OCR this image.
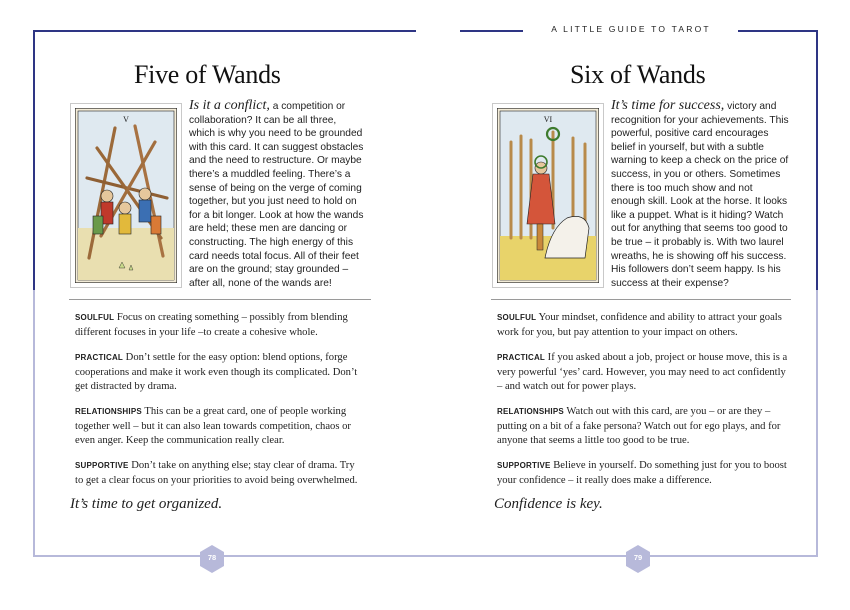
A LITTLE GUIDE TO TAROT
Five of Wands
V
Is it a conflict, a competition or collaboration? It can be all three, which is why you need to be grounded with this card. It can suggest obstacles and the need to restructure. Or maybe there’s a muddled feeling. There’s a sense of being on the verge of coming together, but you just need to hold on for a bit longer. Look at how the wands are held; these men are dancing or constructing. The high energy of this card needs total focus. All of their feet are on the ground; stay grounded – after all, none of the wands are!
SOULFUL Focus on creating something – possibly from blending different focuses in your life –to create a cohesive whole.
PRACTICAL Don’t settle for the easy option: blend options, forge cooperations and make it work even though its complicated. Don’t get distracted by drama.
RELATIONSHIPS This can be a great card, one of people working together well – but it can also lean towards competition, chaos or even anger. Keep the communication really clear.
SUPPORTIVE Don’t take on anything else; stay clear of drama. Try to get a clear focus on your priorities to avoid being overwhelmed.
It’s time to get organized.
78
Six of Wands
VI
It’s time for success, victory and recognition for your achievements. This powerful, positive card encourages belief in yourself, but with a subtle warning to keep a check on the price of success, in you or others. Sometimes there is too much show and not enough skill. Look at the horse. It looks like a puppet. What is it hiding? Watch out for anything that seems too good to be true – it probably is. With two laurel wreaths, he is showing off his success. His followers don’t seem happy. Is his success at their expense?
SOULFUL Your mindset, confidence and ability to attract your goals work for you, but pay attention to your impact on others.
PRACTICAL If you asked about a job, project or house move, this is a very powerful ‘yes’ card. However, you may need to act confidently – and watch out for power plays.
RELATIONSHIPS Watch out with this card, are you – or are they – putting on a bit of a fake persona? Watch out for ego plays, and for anyone that seems a little too good to be true.
SUPPORTIVE Believe in yourself. Do something just for you to boost your confidence – it really does make a difference.
Confidence is key.
79
